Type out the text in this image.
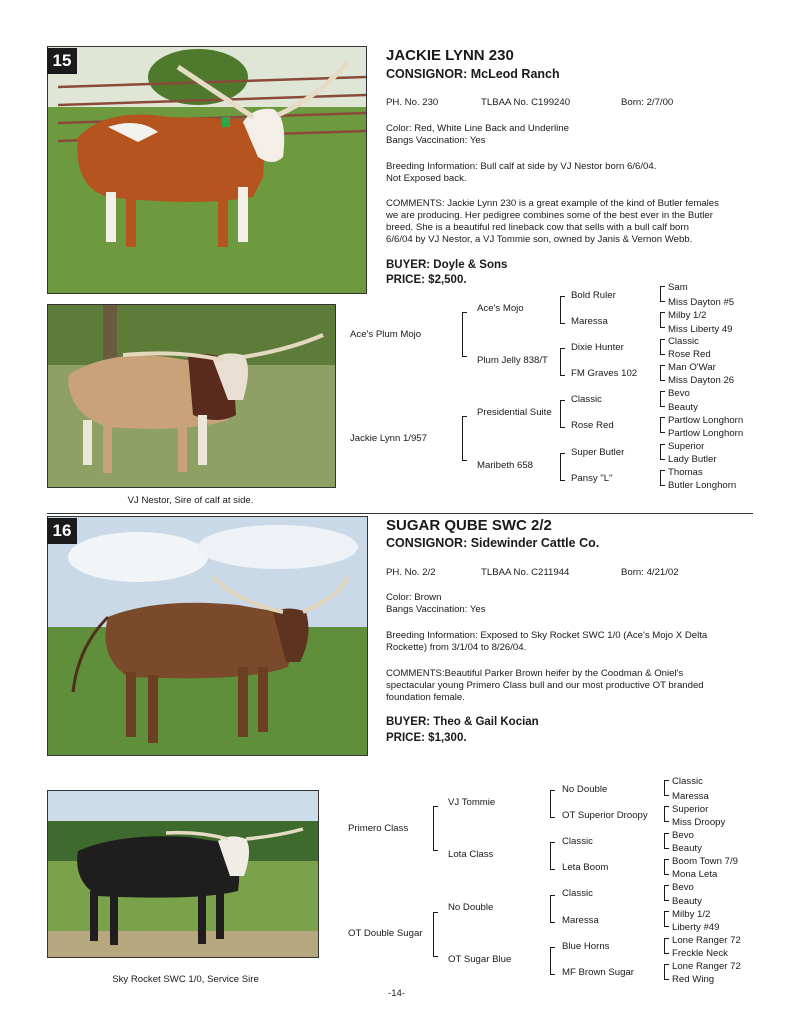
15	JACKIE LYNN 230
CONSIGNOR: McLeod Ranch
PH. No. 230	TLBAA No. C199240	Born: 2/7/00
Color: Red, White Line Back and Underline
Bangs Vaccination: Yes
Breeding Information: Bull calf at side by VJ Nestor born 6/6/04.
Not Exposed back.
COMMENTS: Jackie Lynn 230 is a great example of the kind of Butler females
we are producing. Her pedigree combines some of the best ever in the Butler
breed. She is a beautiful red lineback cow that sells with a bull calf born
6/6/04 by VJ Nestor, a VJ Tommie son, owned by Janis & Vernon Webb.
BUYER: Doyle & Sons
PRICE: $2,500.
VJ Nestor, Sire of calf at side.
Ace's Plum Mojo
Jackie Lynn 1/957
Ace's Mojo
Plum Jelly 838/T
Presidential Suite
Maribeth 658
Bold Ruler
Maressa
Dixie Hunter
FM Graves 102
Classic
Rose Red
Super Butler
Pansy "L"
Sam
Miss Dayton #5
Milby 1/2
Miss Liberty 49
Classic
Rose Red
Man O'War
Miss Dayton 26
Bevo
Beauty
Partlow Longhorn
Partlow Longhorn
Superior
Lady Butler
Thomas
Butler Longhorn
16	SUGAR QUBE SWC 2/2
CONSIGNOR: Sidewinder Cattle Co.
PH. No. 2/2	TLBAA No. C211944	Born: 4/21/02
Color: Brown
Bangs Vaccination: Yes
Breeding Information: Exposed to Sky Rocket SWC 1/0 (Ace's Mojo X Delta
Rockette) from 3/1/04 to 8/26/04.
COMMENTS:Beautiful Parker Brown heifer by the Coodman & Oniel's
spectacular young Primero Class bull and our most productive OT branded
foundation female.
BUYER: Theo & Gail Kocian
PRICE: $1,300.
Sky Rocket SWC 1/0, Service Sire
Primero Class
OT Double Sugar
VJ Tommie
Lota Class
No Double
OT Sugar Blue
No Double
OT Superior Droopy
Classic
Leta Boom
Classic
Maressa
Blue Horns
MF Brown Sugar
Classic
Maressa
Superior
Miss Droopy
Bevo
Beauty
Boom Town 7/9
Mona Leta
Bevo
Beauty
Milby 1/2
Liberty #49
Lone Ranger 72
Freckle Neck
Lone Ranger 72
Red Wing
-14-
